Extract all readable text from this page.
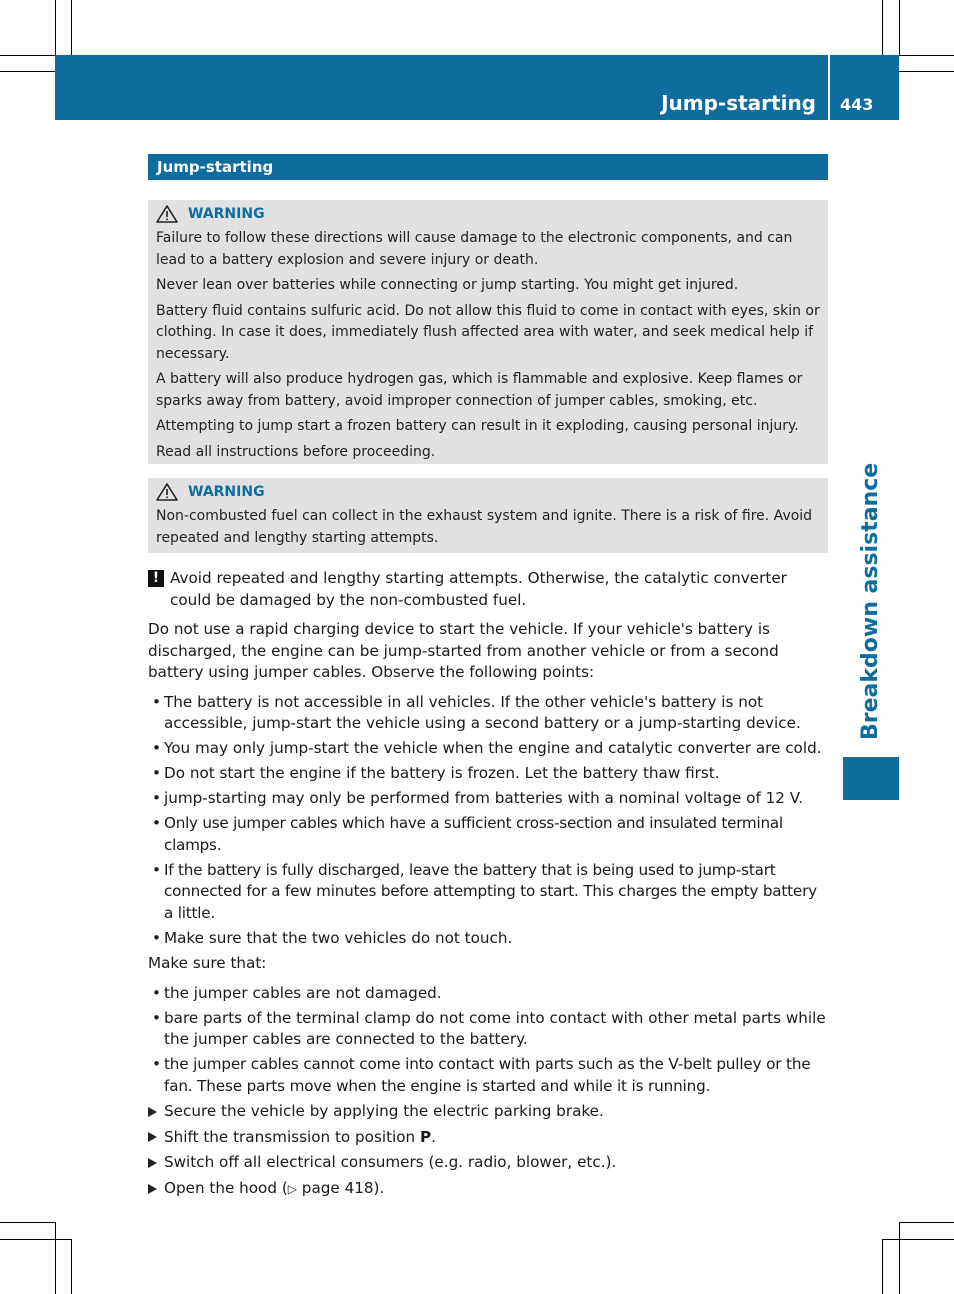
Jump-starting 443
Breakdown assistance
Jump-starting
WARNING

Failure to follow these directions will cause damage to the electronic components, and can lead to a battery explosion and severe injury or death.

Never lean over batteries while connecting or jump starting. You might get injured.

Battery fluid contains sulfuric acid. Do not allow this fluid to come in contact with eyes, skin or clothing. In case it does, immediately flush affected area with water, and seek medical help if necessary.

A battery will also produce hydrogen gas, which is flammable and explosive. Keep flames or sparks away from battery, avoid improper connection of jumper cables, smoking, etc.

Attempting to jump start a frozen battery can result in it exploding, causing personal injury.

Read all instructions before proceeding.

WARNING

Non-combusted fuel can collect in the exhaust system and ignite. There is a risk of fire. Avoid repeated and lengthy starting attempts.

! Avoid repeated and lengthy starting attempts. Otherwise, the catalytic converter could be damaged by the non-combusted fuel.

Do not use a rapid charging device to start the vehicle. If your vehicle's battery is discharged, the engine can be jump-started from another vehicle or from a second battery using jumper cables. Observe the following points:

• The battery is not accessible in all vehicles. If the other vehicle's battery is not accessible, jump-start the vehicle using a second battery or a jump-starting device.
• You may only jump-start the vehicle when the engine and catalytic converter are cold.
• Do not start the engine if the battery is frozen. Let the battery thaw first.
• jump-starting may only be performed from batteries with a nominal voltage of 12 V.
• Only use jumper cables which have a sufficient cross-section and insulated terminal clamps.
• If the battery is fully discharged, leave the battery that is being used to jump-start connected for a few minutes before attempting to start. This charges the empty battery a little.
• Make sure that the two vehicles do not touch.

Make sure that:

• the jumper cables are not damaged.
• bare parts of the terminal clamp do not come into contact with other metal parts while the jumper cables are connected to the battery.
• the jumper cables cannot come into contact with parts such as the V-belt pulley or the fan. These parts move when the engine is started and while it is running.
Secure the vehicle by applying the electric parking brake.
Shift the transmission to position P.
Switch off all electrical consumers (e.g. radio, blower, etc.).
Open the hood (▷ page 418).
